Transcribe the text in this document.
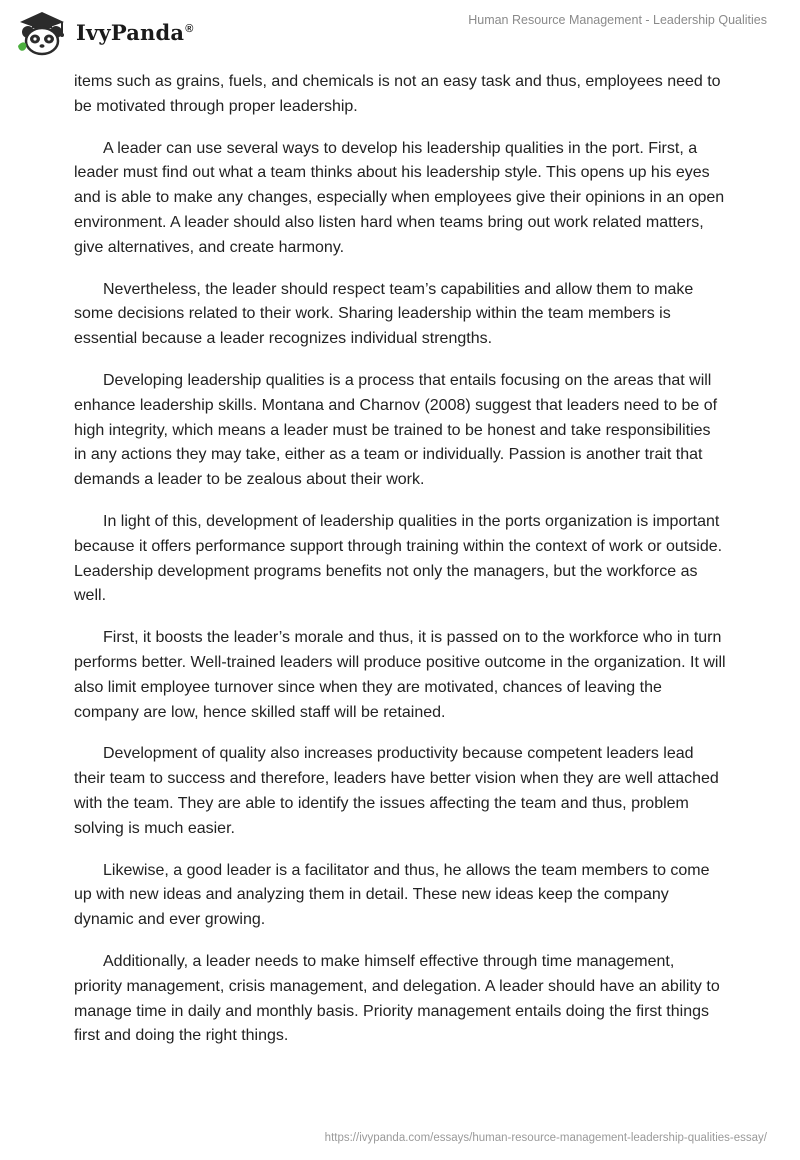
IvyPanda®
Human Resource Management - Leadership Qualities

items such as grains, fuels, and chemicals is not an easy task and thus, employees need to be motivated through proper leadership.

A leader can use several ways to develop his leadership qualities in the port. First, a leader must find out what a team thinks about his leadership style. This opens up his eyes and is able to make any changes, especially when employees give their opinions in an open environment. A leader should also listen hard when teams bring out work related matters, give alternatives, and create harmony.

Nevertheless, the leader should respect team’s capabilities and allow them to make some decisions related to their work. Sharing leadership within the team members is essential because a leader recognizes individual strengths.

Developing leadership qualities is a process that entails focusing on the areas that will enhance leadership skills. Montana and Charnov (2008) suggest that leaders need to be of high integrity, which means a leader must be trained to be honest and take responsibilities in any actions they may take, either as a team or individually. Passion is another trait that demands a leader to be zealous about their work.

In light of this, development of leadership qualities in the ports organization is important because it offers performance support through training within the context of work or outside. Leadership development programs benefits not only the managers, but the workforce as well.

First, it boosts the leader’s morale and thus, it is passed on to the workforce who in turn performs better. Well-trained leaders will produce positive outcome in the organization. It will also limit employee turnover since when they are motivated, chances of leaving the company are low, hence skilled staff will be retained.

Development of quality also increases productivity because competent leaders lead their team to success and therefore, leaders have better vision when they are well attached with the team. They are able to identify the issues affecting the team and thus, problem solving is much easier.

Likewise, a good leader is a facilitator and thus, he allows the team members to come up with new ideas and analyzing them in detail. These new ideas keep the company dynamic and ever growing.

Additionally, a leader needs to make himself effective through time management, priority management, crisis management, and delegation. A leader should have an ability to manage time in daily and monthly basis. Priority management entails doing the first things first and doing the right things.

https://ivypanda.com/essays/human-resource-management-leadership-qualities-essay/
